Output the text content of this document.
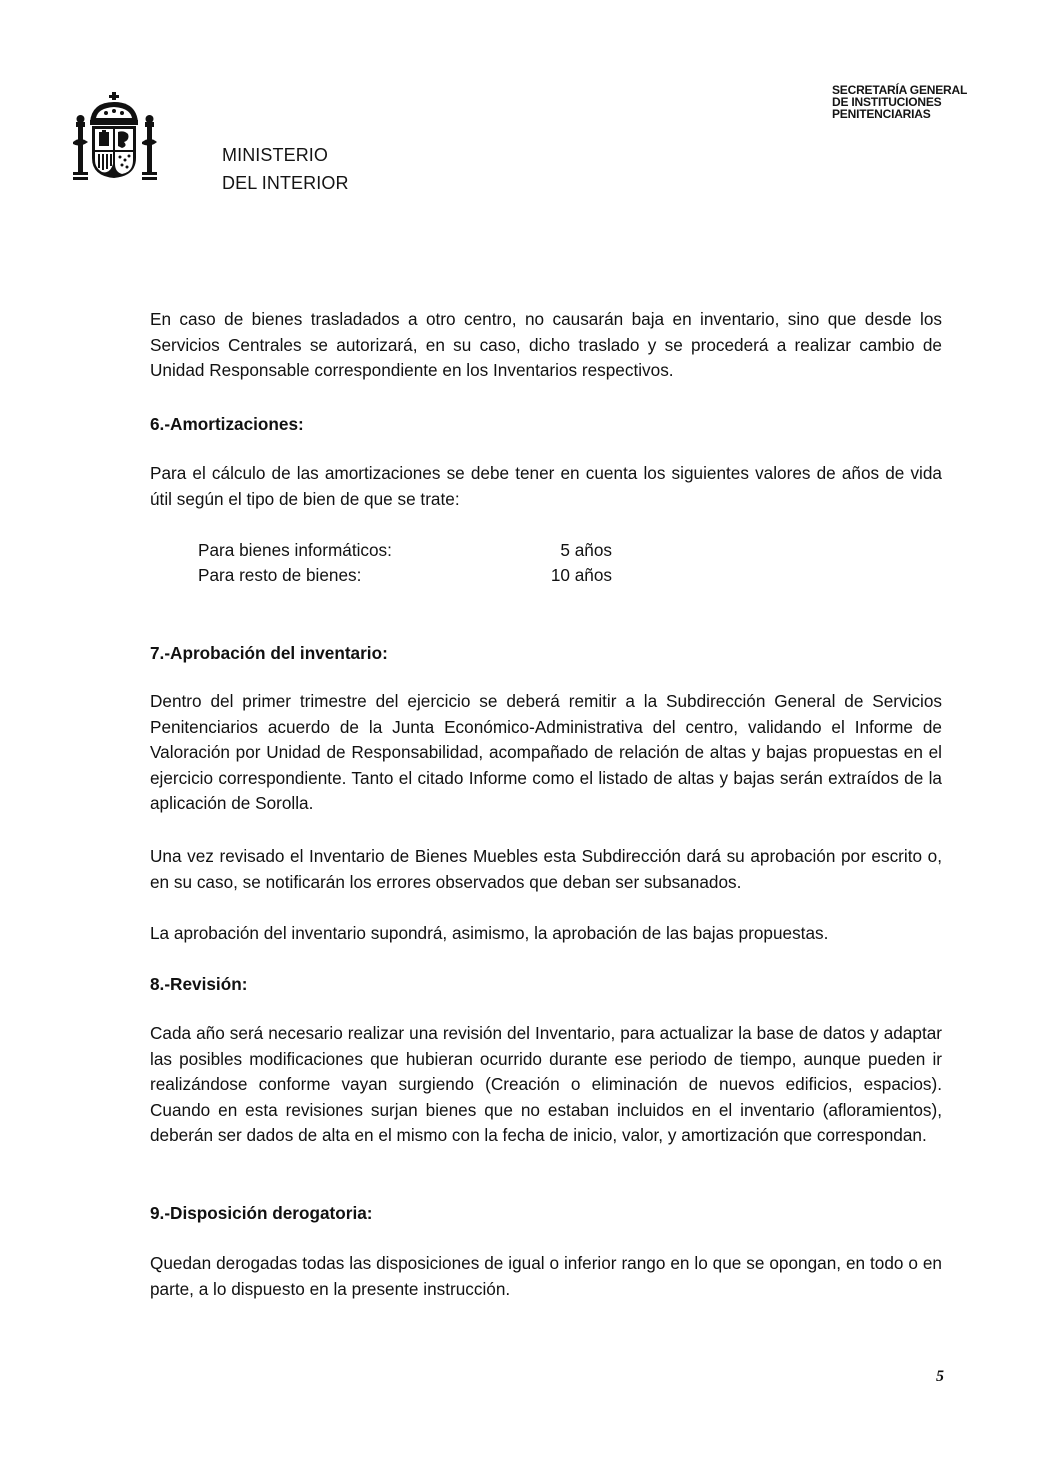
MINISTERIO
DEL INTERIOR
SECRETARÍA GENERAL
DE INSTITUCIONES
PENITENCIARIAS

En caso de bienes trasladados a otro centro, no causarán baja en inventario, sino que desde los Servicios Centrales se autorizará, en su caso, dicho traslado y se procederá a realizar cambio de Unidad Responsable correspondiente en los Inventarios respectivos.

6.-Amortizaciones:

Para el cálculo de las amortizaciones se debe tener en cuenta los siguientes valores de años de vida útil según el tipo de bien de que se trate:

Para bienes informáticos:	5 años
Para resto de bienes:	10 años
7.-Aprobación del inventario:

Dentro del primer trimestre del ejercicio se deberá remitir a la Subdirección General de Servicios Penitenciarios acuerdo de la Junta Económico-Administrativa del centro, validando el Informe de Valoración por Unidad de Responsabilidad, acompañado de relación de altas y bajas propuestas en el ejercicio correspondiente. Tanto el citado Informe como el listado de altas y bajas serán extraídos de la aplicación de Sorolla.

Una vez revisado el Inventario de Bienes Muebles esta Subdirección dará su aprobación por escrito o, en su caso, se notificarán los errores observados que deban ser subsanados.

La aprobación del inventario supondrá, asimismo, la aprobación de las bajas propuestas.

8.-Revisión:

Cada año será necesario realizar una revisión del Inventario, para actualizar la base de datos y adaptar las posibles modificaciones que hubieran ocurrido durante ese periodo de tiempo, aunque pueden ir realizándose conforme vayan surgiendo (Creación o eliminación de nuevos edificios, espacios). Cuando en esta revisiones surjan bienes que no estaban incluidos en el inventario (afloramientos), deberán ser dados de alta en el mismo con la fecha de inicio, valor, y amortización que correspondan.

9.-Disposición derogatoria:

Quedan derogadas todas las disposiciones de igual o inferior rango en lo que se opongan, en todo o en parte, a lo dispuesto en la presente instrucción.

5
